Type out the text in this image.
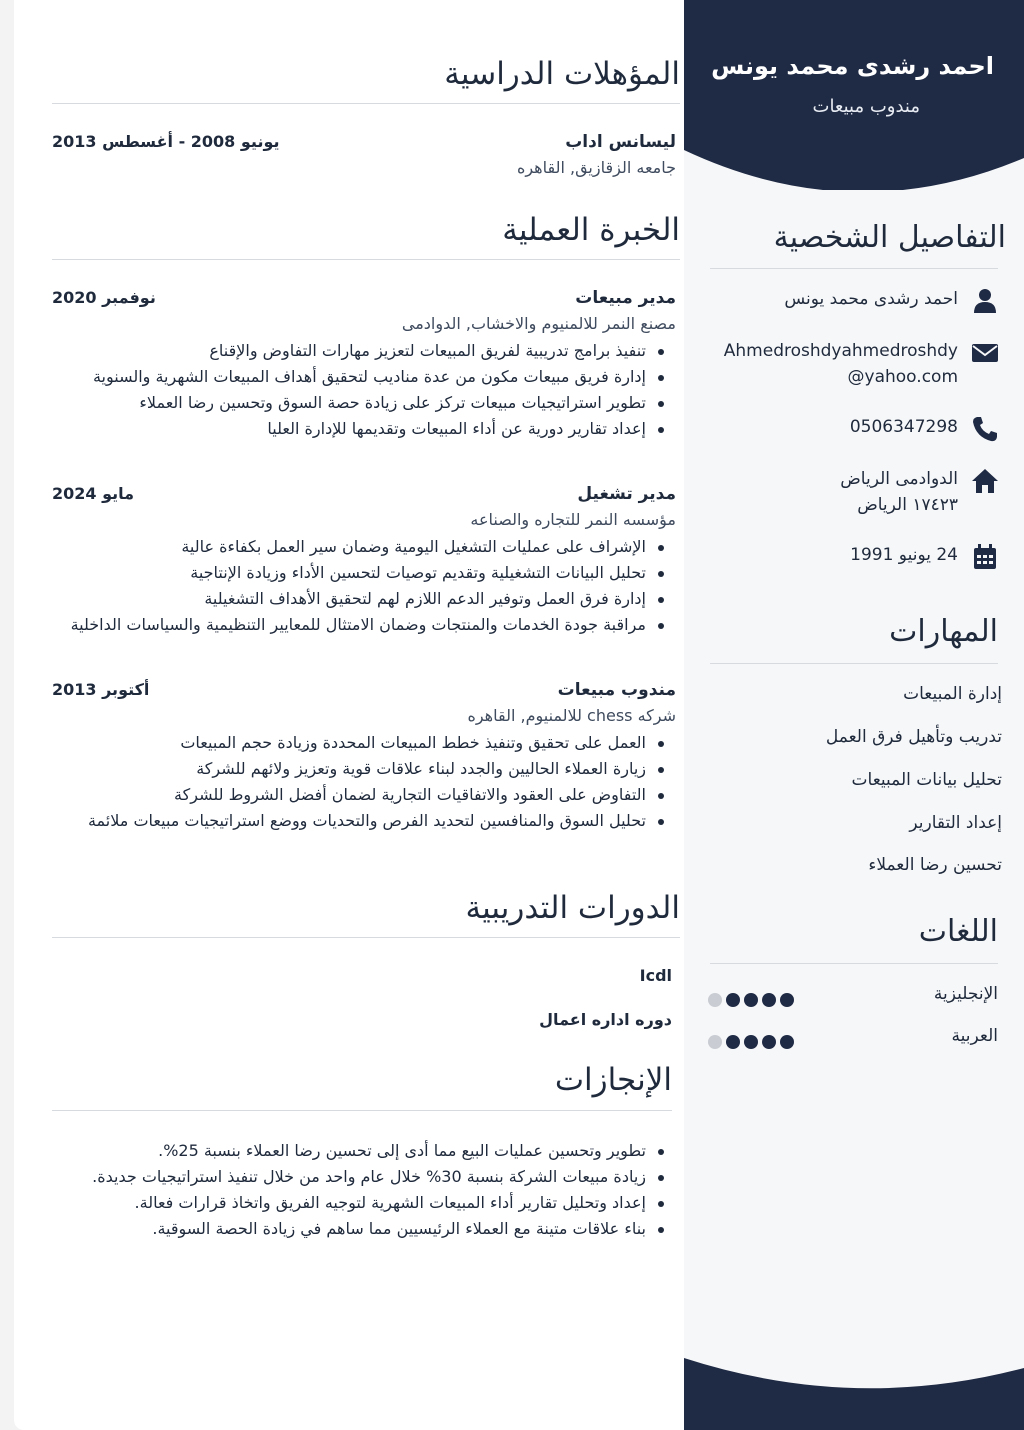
المؤهلات الدراسية
ليسانس اداب
يونيو 2008 - أغسطس 2013
جامعه الزقازيق, القاهره
الخبرة العملية
مدير مبيعات
نوفمبر 2020
مصنع النمر للالمنيوم والاخشاب, الدوادمى
تنفيذ برامج تدريبية لفريق المبيعات لتعزيز مهارات التفاوض والإقناع
إدارة فريق مبيعات مكون من عدة مناديب لتحقيق أهداف المبيعات الشهرية والسنوية
تطوير استراتيجيات مبيعات تركز على زيادة حصة السوق وتحسين رضا العملاء
إعداد تقارير دورية عن أداء المبيعات وتقديمها للإدارة العليا
مدير تشغيل
مايو 2024
مؤسسه النمر للتجاره والصناعه
الإشراف على عمليات التشغيل اليومية وضمان سير العمل بكفاءة عالية
تحليل البيانات التشغيلية وتقديم توصيات لتحسين الأداء وزيادة الإنتاجية
إدارة فرق العمل وتوفير الدعم اللازم لهم لتحقيق الأهداف التشغيلية
مراقبة جودة الخدمات والمنتجات وضمان الامتثال للمعايير التنظيمية والسياسات الداخلية
مندوب مبيعات
أكتوبر 2013
شركه chess للالمنيوم, القاهره
العمل على تحقيق وتنفيذ خطط المبيعات المحددة وزيادة حجم المبيعات
زيارة العملاء الحاليين والجدد لبناء علاقات قوية وتعزيز ولائهم للشركة
التفاوض على العقود والاتفاقيات التجارية لضمان أفضل الشروط للشركة
تحليل السوق والمنافسين لتحديد الفرص والتحديات ووضع استراتيجيات مبيعات ملائمة
الدورات التدريبية
Icdl
دوره اداره اعمال
الإنجازات
تطوير وتحسين عمليات البيع مما أدى إلى تحسين رضا العملاء بنسبة 25%.
زيادة مبيعات الشركة بنسبة 30% خلال عام واحد من خلال تنفيذ استراتيجيات جديدة.
إعداد وتحليل تقارير أداء المبيعات الشهرية لتوجيه الفريق واتخاذ قرارات فعالة.
بناء علاقات متينة مع العملاء الرئيسيين مما ساهم في زيادة الحصة السوقية.
احمد رشدى محمد يونس
مندوب مبيعات
التفاصيل الشخصية
احمد رشدى محمد يونس
Ahmedroshdyahmedroshdy
@yahoo.com
0506347298
الدوادمى الرياض
١٧٤٢٣ الرياض
24 يونيو 1991
المهارات
إدارة المبيعات
تدريب وتأهيل فرق العمل
تحليل بيانات المبيعات
إعداد التقارير
تحسين رضا العملاء
اللغات
الإنجليزية
العربية
